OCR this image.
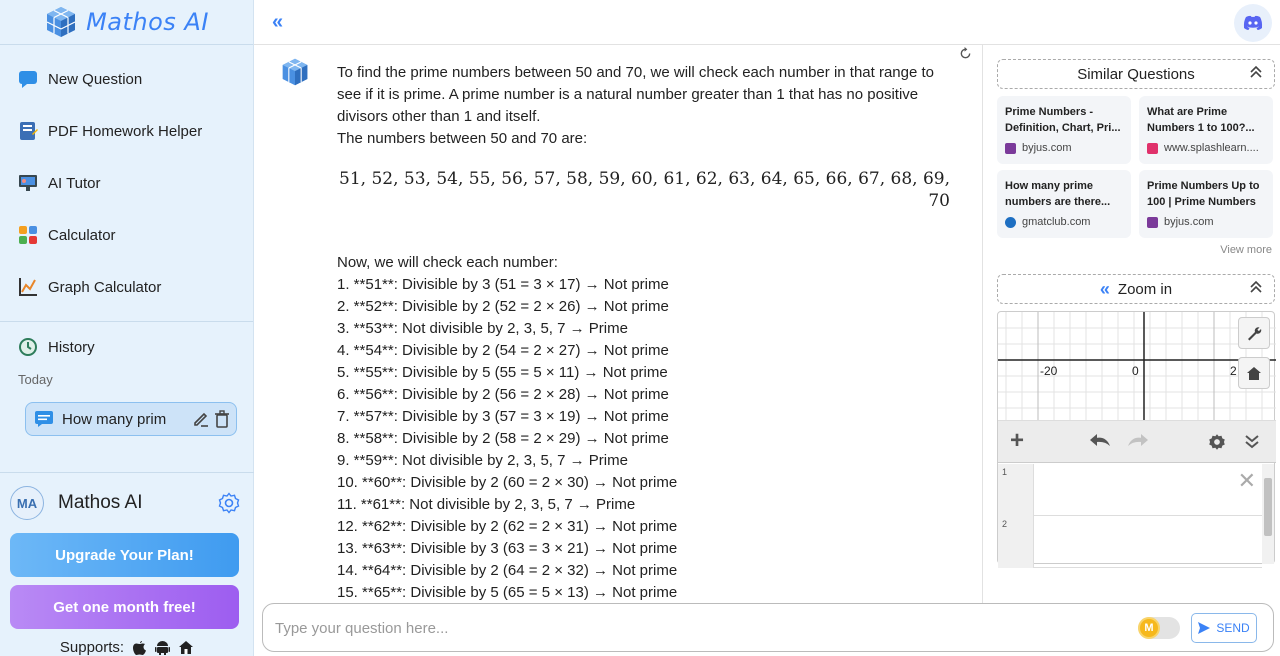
Mathos AI
New Question
PDF Homework Helper
AI Tutor
Calculator
Graph Calculator
History
Today
How many prim
MA	Mathos AI
Upgrade Your Plan!
Get one month free!
Supports:
«

To find the prime numbers between 50 and 70, we will check each number in that range to see if it is prime. A prime number is a natural number greater than 1 that has no positive divisors other than 1 and itself.

The numbers between 50 and 70 are:

51, 52, 53, 54, 55, 56, 57, 58, 59, 60, 61, 62, 63, 64, 65, 66, 67, 68, 69, 70

Now, we will check each number:

1. **51**: Divisible by 3 (51 = 3 × 17) → Not prime
2. **52**: Divisible by 2 (52 = 2 × 26) → Not prime
3. **53**: Not divisible by 2, 3, 5, 7 → Prime
4. **54**: Divisible by 2 (54 = 2 × 27) → Not prime
5. **55**: Divisible by 5 (55 = 5 × 11) → Not prime
6. **56**: Divisible by 2 (56 = 2 × 28) → Not prime
7. **57**: Divisible by 3 (57 = 3 × 19) → Not prime
8. **58**: Divisible by 2 (58 = 2 × 29) → Not prime
9. **59**: Not divisible by 2, 3, 5, 7 → Prime
10. **60**: Divisible by 2 (60 = 2 × 30) → Not prime
11. **61**: Not divisible by 2, 3, 5, 7 → Prime
12. **62**: Divisible by 2 (62 = 2 × 31) → Not prime
13. **63**: Divisible by 3 (63 = 3 × 21) → Not prime
14. **64**: Divisible by 2 (64 = 2 × 32) → Not prime
15. **65**: Divisible by 5 (65 = 5 × 13) → Not prime
Similar Questions
Prime Numbers - Definition, Chart, Pri...
byjus.com
What are Prime Numbers 1 to 100?...
www.splashlearn....
How many prime numbers are there...
gmatclub.com
Prime Numbers Up to 100 | Prime Numbers
byjus.com
View more
« Zoom in
-20	0	2
+
1	✕
2
Type your question here...
M	SEND
